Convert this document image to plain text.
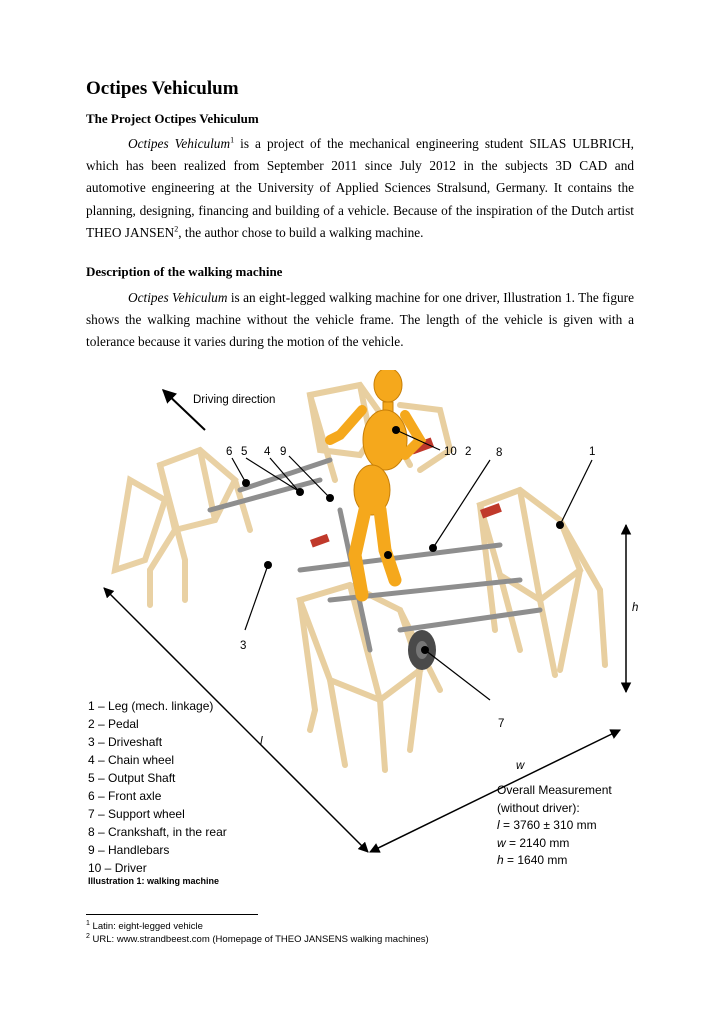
Octipes Vehiculum
The Project Octipes Vehiculum
Octipes Vehiculum$^1$ is a project of the mechanical engineering student SILAS ULBRICH, which has been realized from September 2011 since July 2012 in the subjects 3D CAD and automotive engineering at the University of Applied Sciences Stralsund, Germany. It contains the planning, designing, financing and building of a vehicle. Because of the inspiration of the Dutch artist THEO JANSEN$^2$, the author chose to build a walking machine.
Description of the walking machine
Octipes Vehiculum is an eight-legged walking machine for one driver, Illustration 1. The figure shows the walking machine without the vehicle frame. The length of the vehicle is given with a tolerance because it varies during the motion of the vehicle.
Driving direction
6 5 4 9	10 2 8	1
3
7
h
l
w
1 – Leg (mech. linkage)
2 – Pedal
3 – Driveshaft
4 – Chain wheel
5 – Output Shaft
6 – Front axle
7 – Support wheel
8 – Crankshaft, in the rear
9 – Handlebars
10 – Driver
Overall Measurement
(without driver):
l = 3760 ± 310 mm
w = 2140 mm
h = 1640 mm
Illustration 1: walking machine
$^1$ Latin: eight-legged vehicle
$^2$ URL: www.strandbeest.com (Homepage of THEO JANSENS walking machines)
